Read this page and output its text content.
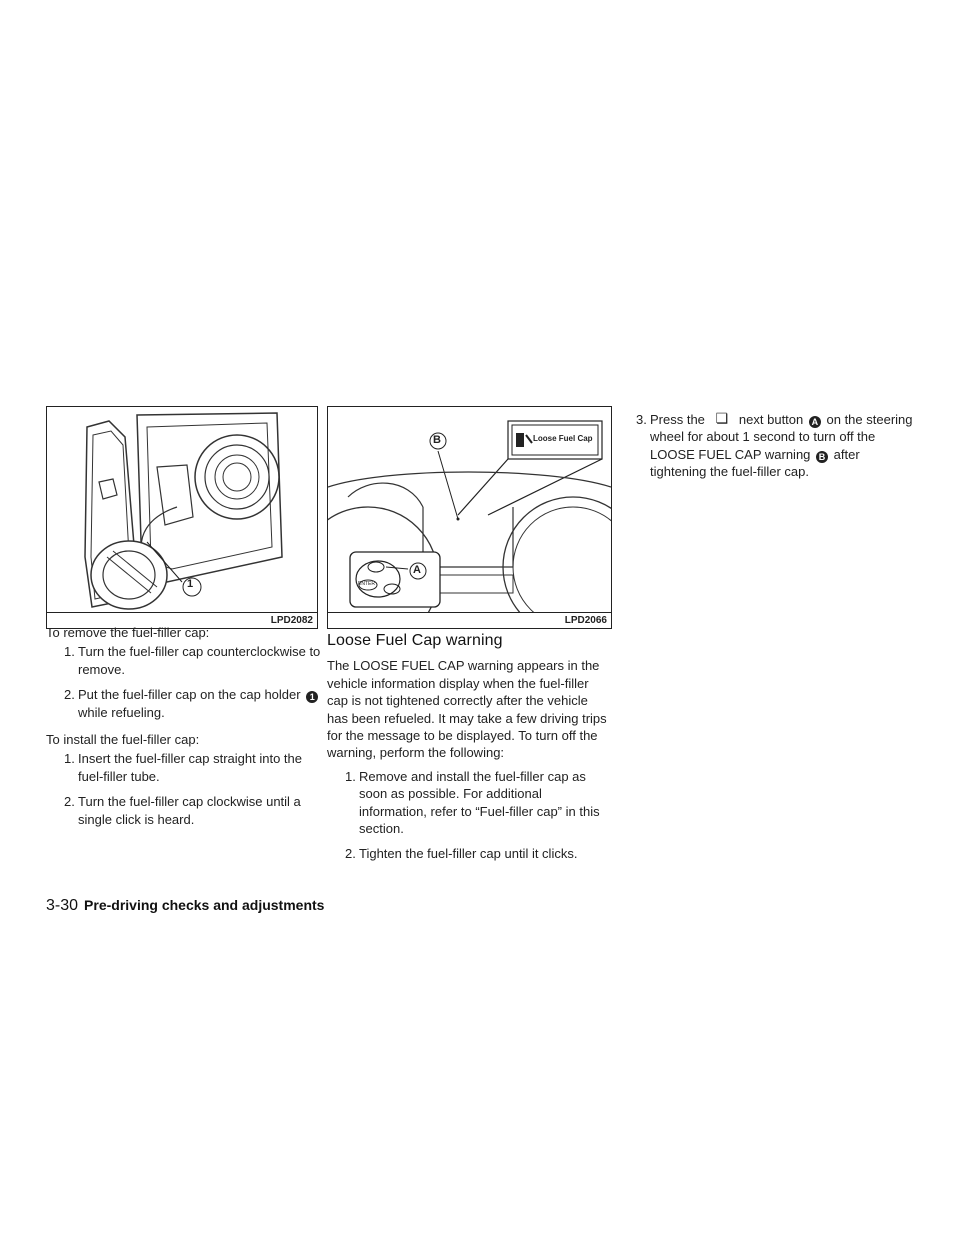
1
LPD2082
B
A
Loose Fuel Cap
ENTER
LPD2066

To remove the fuel-filler cap:

1. Turn the fuel-filler cap counterclockwise to remove.
2. Put the fuel-filler cap on the cap holder 1 while refueling.

To install the fuel-filler cap:

1. Insert the fuel-filler cap straight into the fuel-filler tube.
2. Turn the fuel-filler cap clockwise until a single click is heard.

Loose Fuel Cap warning

The LOOSE FUEL CAP warning appears in the vehicle information display when the fuel-filler cap is not tightened correctly after the vehicle has been refueled. It may take a few driving trips for the message to be displayed. To turn off the warning, perform the following:

1. Remove and install the fuel-filler cap as soon as possible. For additional information, refer to “Fuel-filler cap” in this section.
2. Tighten the fuel-filler cap until it clicks.
3. Press the ❏ next button A on the steering wheel for about 1 second to turn off the LOOSE FUEL CAP warning B after tightening the fuel-filler cap.
3-30 Pre-driving checks and adjustments
